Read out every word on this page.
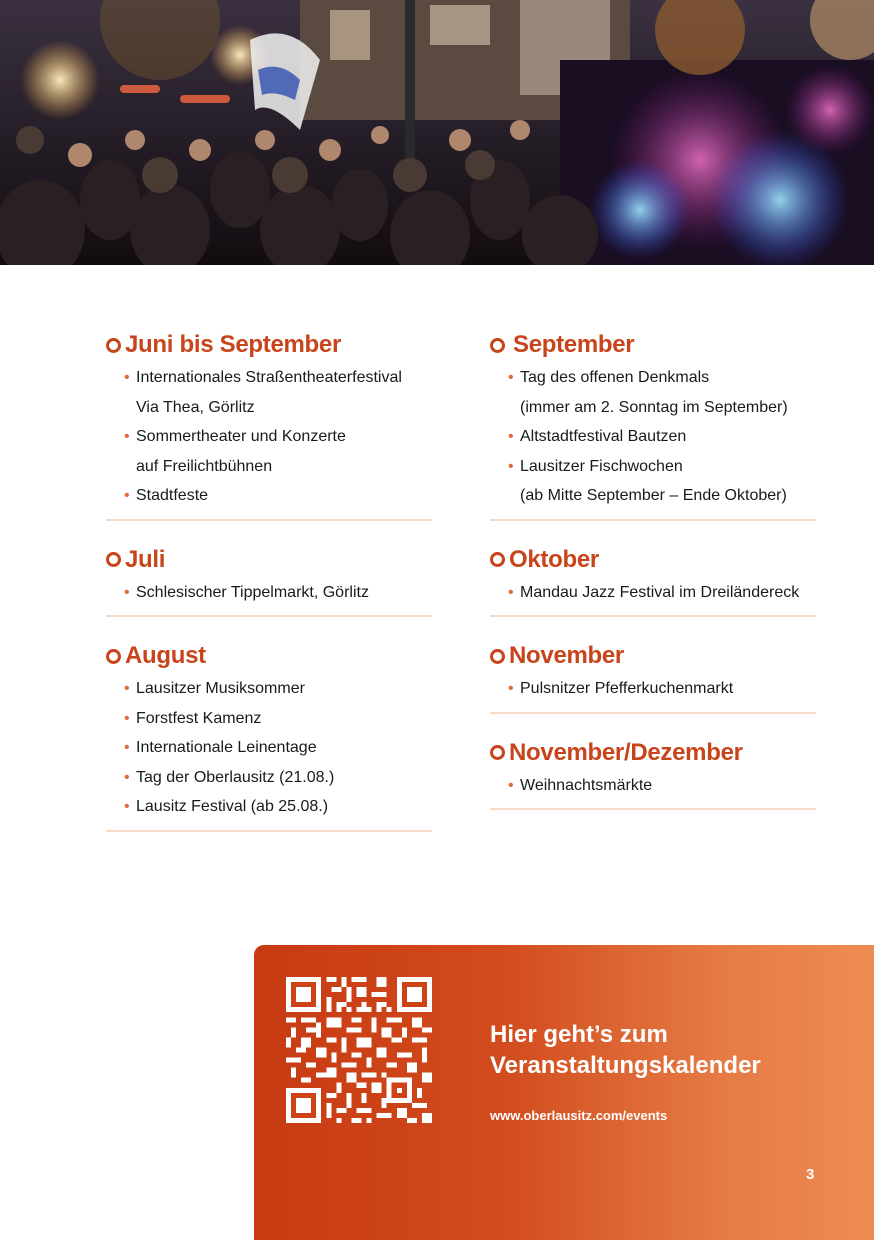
Juni bis September
• Internationales Straßentheaterfestival
Via Thea, Görlitz
• Sommertheater und Konzerte
auf Freilichtbühnen
• Stadtfeste
Juli
• Schlesischer Tippelmarkt, Görlitz
August
• Lausitzer Musiksommer
• Forstfest Kamenz
• Internationale Leinentage
• Tag der Oberlausitz (21.08.)
• Lausitz Festival (ab 25.08.)
September
• Tag des offenen Denkmals
(immer am 2. Sonntag im September)
• Altstadtfestival Bautzen
• Lausitzer Fischwochen
(ab Mitte September – Ende Oktober)
Oktober
• Mandau Jazz Festival im Dreiländereck
November
• Pulsnitzer Pfefferkuchenmarkt
November/Dezember
• Weihnachtsmärkte
Hier geht’s zum
Veranstaltungskalender
www.oberlausitz.com/events
3
